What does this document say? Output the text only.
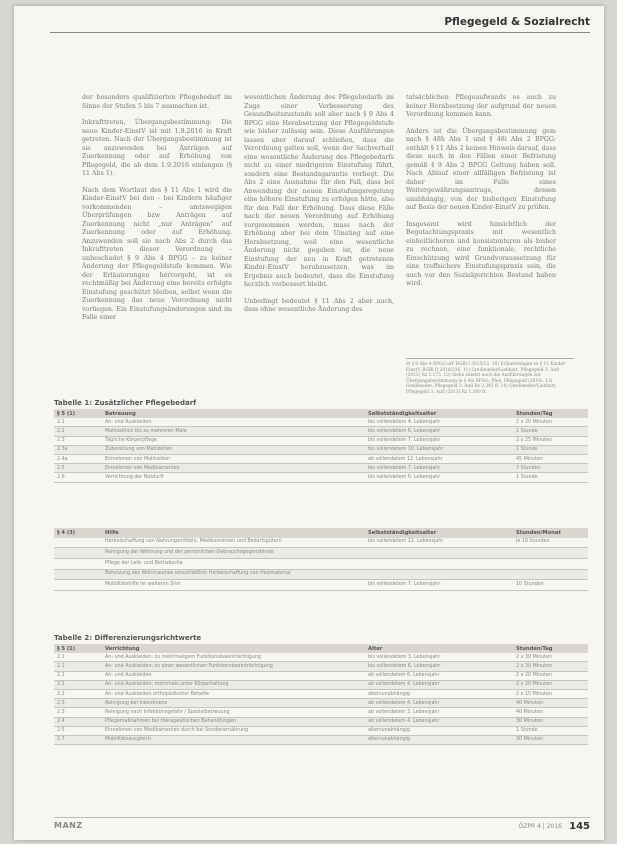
Pflegegeld & Sozialrecht

der besonders qualifizierten Pflegebedarf im Sinne der Stufen 5 bis 7 ausmachen ist.

Inkrafttreten, Übergangsbestimmung: Die neue Kinder-EinstV ist mit 1.9.2016 in Kraft getreten. Nach der Übergangsbestimmung ist sie anzuwenden bei Anträgen auf Zuerkennung oder auf Erhöhung von Pflegegeld, die ab dem 1.9.2016 einlangen (§ 11 Abs 1).

Nach dem Wortlaut des § 11 Abs 1 wird die Kinder-EinstV bei den – bei Kindern häufiger vorkommenden – amtswegigen Überprüfungen bzw Anträgen auf Zuerkennung nicht „nur Anträgen“ auf Zuerkennung oder auf Erhöhung. Anzuwenden soll sie nach Abs 2 durch das Inkrafttreten dieser Verordnung – unbeschadet § 9 Abs 4 BPGG – zu keiner Änderung der Pflegegeldstufe kommen. Wie der Erläuterungen hervorgeht, ist es rechtmäßig bei Änderung eine bereits erfolgte Einstufung geschützt bleiben, selbst wenn die Zuerkennung das neue Verordnung nicht vorliegen. Ein Einstufungsänderungen sind im Falle einer

wesentlichen Änderung des Pflegebedarfs im Zuge einer Verbesserung des Gesundheitszustands soll aber nach § 9 Abs 4 BPGG eine Herabsetzung der Pflegegeldstufe wie bisher zulässig sein. Diese Ausführungen lassen aber darauf schließen, dass die Verordnung gelten soll, wenn der Sachverhalt eine wesentliche Änderung des Pflegebedarfs nicht zu einer niedrigeren Einstufung führt, sondern eine Bestandsgarantie vorliegt. Die Abs 2 eine Ausnahme für den Fall, dass bei Anwendung der neuen Einstufungsregelung eine höhere Einstufung zu erfolgen hätte, also für den Fall der Erhöhung. Dass diese Fälle nach der neuen Verordnung auf Erhöhung vorgenommen werden, muss nach der Erhöhung aber bei dem Umstieg auf eine Herabsetzung, weil eine wesentliche Änderung nicht gegeben ist, die neue Einstufung der neu in Kraft getretenen Kinder-EinstV herabzusetzen, was im Ergebnis auch bedeutet, dass die Einstufung herzlich verbessert bleibt.

Unbedingt bedeutet § 11 Abs 2 aber auch, dass ohne wesentliche Änderung des

tatsächlichen Pflegeaufwands es auch zu keiner Herabsetzung der aufgrund der neuen Verordnung kommen kann.

Anders ist die Übergangsbestimmung gem nach § 48h Abs 1 und § 48i Abs 2 BPGG: enthält § 11 Abs 2 keinen Hinweis darauf, dass diese auch in den Fällen einer Befristung gemäß § 9 Abs 2 BPGG Geltung haben soll. Nach Ablauf einer allfälligen Befristung ist daher im Falle eines Weitergewährungsantrags, dessen unabhängig, von der bisherigen Einstufung auf Basis der neuen Kinder-EinstV zu prüfen.

Insgesamt wird hinsichtlich der Begutachtungspraxis mit wesentlich einheitlicheren und konsistenteren als bisher zu rechnen, eine funktionale, rechtliche Einschätzung wird Grundvoraussetzung für eine treffsichere Einstufungspraxis sein, die auch vor den Sozialgerichten Bestand haben wird.

9) § 9 Abs 4 BPGG idF BGBl I 2015/12. 10) Erläuterungen zu § 11 Kinder-EinstV, BGBl II 2016/236. 11) Greifeneder/Liebhart, Pflegegeld 3. Aufl (2013) Rz 2.175. 12) Siehe zuletzt auch die Ausführungen zur Übergangsbestimmung in § 48i BPGG; Pfeil, Pflegegeld (2016). 13) Greifeneder, Pflegegeld 3. Aufl Rz 2.345 ff. 14) Greifeneder/Liebhart, Pflegegeld 3. Aufl (2013) Rz 1.180 ff.
Tabelle 1: Zusätzlicher Pflegebedarf
§ 5 (1)	Betreuung	Selbstständigkeitsalter	Stunden/Tag
2.1	An- und Auskleiden	bis vollendetem 4. Lebensjahr	2 x 20 Minuten
2.2	Mahlzeitlich bis zu mehreren Male	bis vollendetem 6. Lebensjahr	1 Stunde
2.3	Tägliche Körperpflege	bis vollendetem 7. Lebensjahr	2 x 25 Minuten
2.3a	Zubereitung von Mahlzeiten	bis vollendetem 10. Lebensjahr	1 Stunde
2.4a	Einnehmen von Mahlzeiten	ab vollendetem 12. Lebensjahr	45 Minuten
2.5	Einnehmen von Medikamenten	bis vollendetem 7. Lebensjahr	7 Stunden
2.6	Verrichtung der Notdurft	bis vollendetem 6. Lebensjahr	1 Stunde
§ 4 (3)	Hilfe	Selbstständigkeitsalter	Stunden/Monat
	Herbeischaffung von Nahrungsmitteln, Medikamenten und Bedarfsgütern	bis vollendetem 12. Lebensjahr	je 10 Stunden
	Reinigung der Wohnung und der persönlichen Gebrauchsgegenstände		
	Pflege der Leib- und Bettwäsche		
	Beheizung des Wohnraumes einschließlich Herbeischaffung von Heizmaterial		
	Mobilitätshilfe im weiteren Sinn	bis vollendetem 7. Lebensjahr	10 Stunden
Tabelle 2: Differenzierungsrichtwerte
§ 5 (1)	Verrichtung	Alter	Stunden/Tag
2.1	An- und Auskleiden: zu mehrmaligem Funktionsbeeinträchtigung	bis vollendetem 3. Lebensjahr	2 x 30 Minuten
2.1	An- und Auskleiden: zu einer wesentlichen Funktionsbeeinträchtigung	bis vollendetem 6. Lebensjahr	2 x 30 Minuten
2.1	An- und Auskleiden	ab vollendetem 6. Lebensjahr	2 x 20 Minuten
2.1	An- und Auskleiden: mehrmals unter Körperhaltung	ab vollendetem 4. Lebensjahr	2 x 20 Minuten
2.2	An- und Auskleiden orthopädischer Behelfe	altersunabhängig	2 x 15 Minuten
2.3	Reinigung bei Inkontinenz	ab vollendetem 4. Lebensjahr	40 Minuten
2.3	Reinigung nach Infektionsgefahr / Spezialbetreuung	ab vollendetem 3. Lebensjahr	40 Minuten
2.4	Pflegemaßnahmen bei therapeutischen Behandlungen	ab vollendetem 4. Lebensjahr	30 Minuten
2.5	Einnehmen von Medikamenten durch bei Sondenernährung	altersunabhängig	1 Stunde
2.7	Mobilitätsausgleich	altersunabhängig	30 Minuten
MANZ	ÖZPR 4 | 2016 145
